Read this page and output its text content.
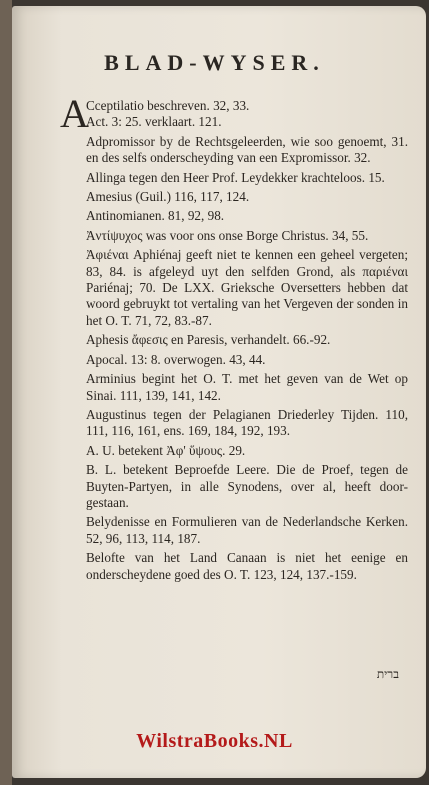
BLAD-WYSER.
A
Cceptilatio beschreven. 32, 33.
Act. 3: 25. verklaart. 121.
Adpromissor by de Rechtsgeleerden, wie soo genoemt, 31. en des selfs onderscheyding van een Expromissor. 32.
Allinga tegen den Heer Prof. Leydekker krachteloos. 15.
Amesius (Guil.) 116, 117, 124.
Antinomianen. 81, 92, 98.
Ἀντίψυχος was voor ons onse Borge Christus. 34, 55.
Ἀφιέναι Aphiénaj geeft niet te kennen een geheel vergeten; 83, 84. is afgeleyd uyt den selfden Grond, als παριέναι Pariénaj; 70. De LXX. Grieksche Oversetters hebben dat woord gebruykt tot vertaling van het Vergeven der sonden in het O. T. 71, 72, 83.-87.
Aphesis ἄφεσις en Paresis, verhandelt. 66.-92.
Apocal. 13: 8. overwogen. 43, 44.
Arminius begint het O. T. met het geven van de Wet op Sinai. 111, 139, 141, 142.
Augustinus tegen der Pelagianen Driederley Tijden. 110, 111, 116, 161, ens. 169, 184, 192, 193.
A. U. betekent Ἀφ' ὕψους. 29.
B. L. betekent Beproefde Leere. Die de Proef, tegen de Buyten-Partyen, in alle Synodens, over al, heeft door-gestaan.
Belydenisse en Formulieren van de Nederlandsche Kerken. 52, 96, 113, 114, 187.
Belofte van het Land Canaan is niet het eenige en onderscheydene goed des O. T. 123, 124, 137.-159.
ברית
WilstraBooks.NL
